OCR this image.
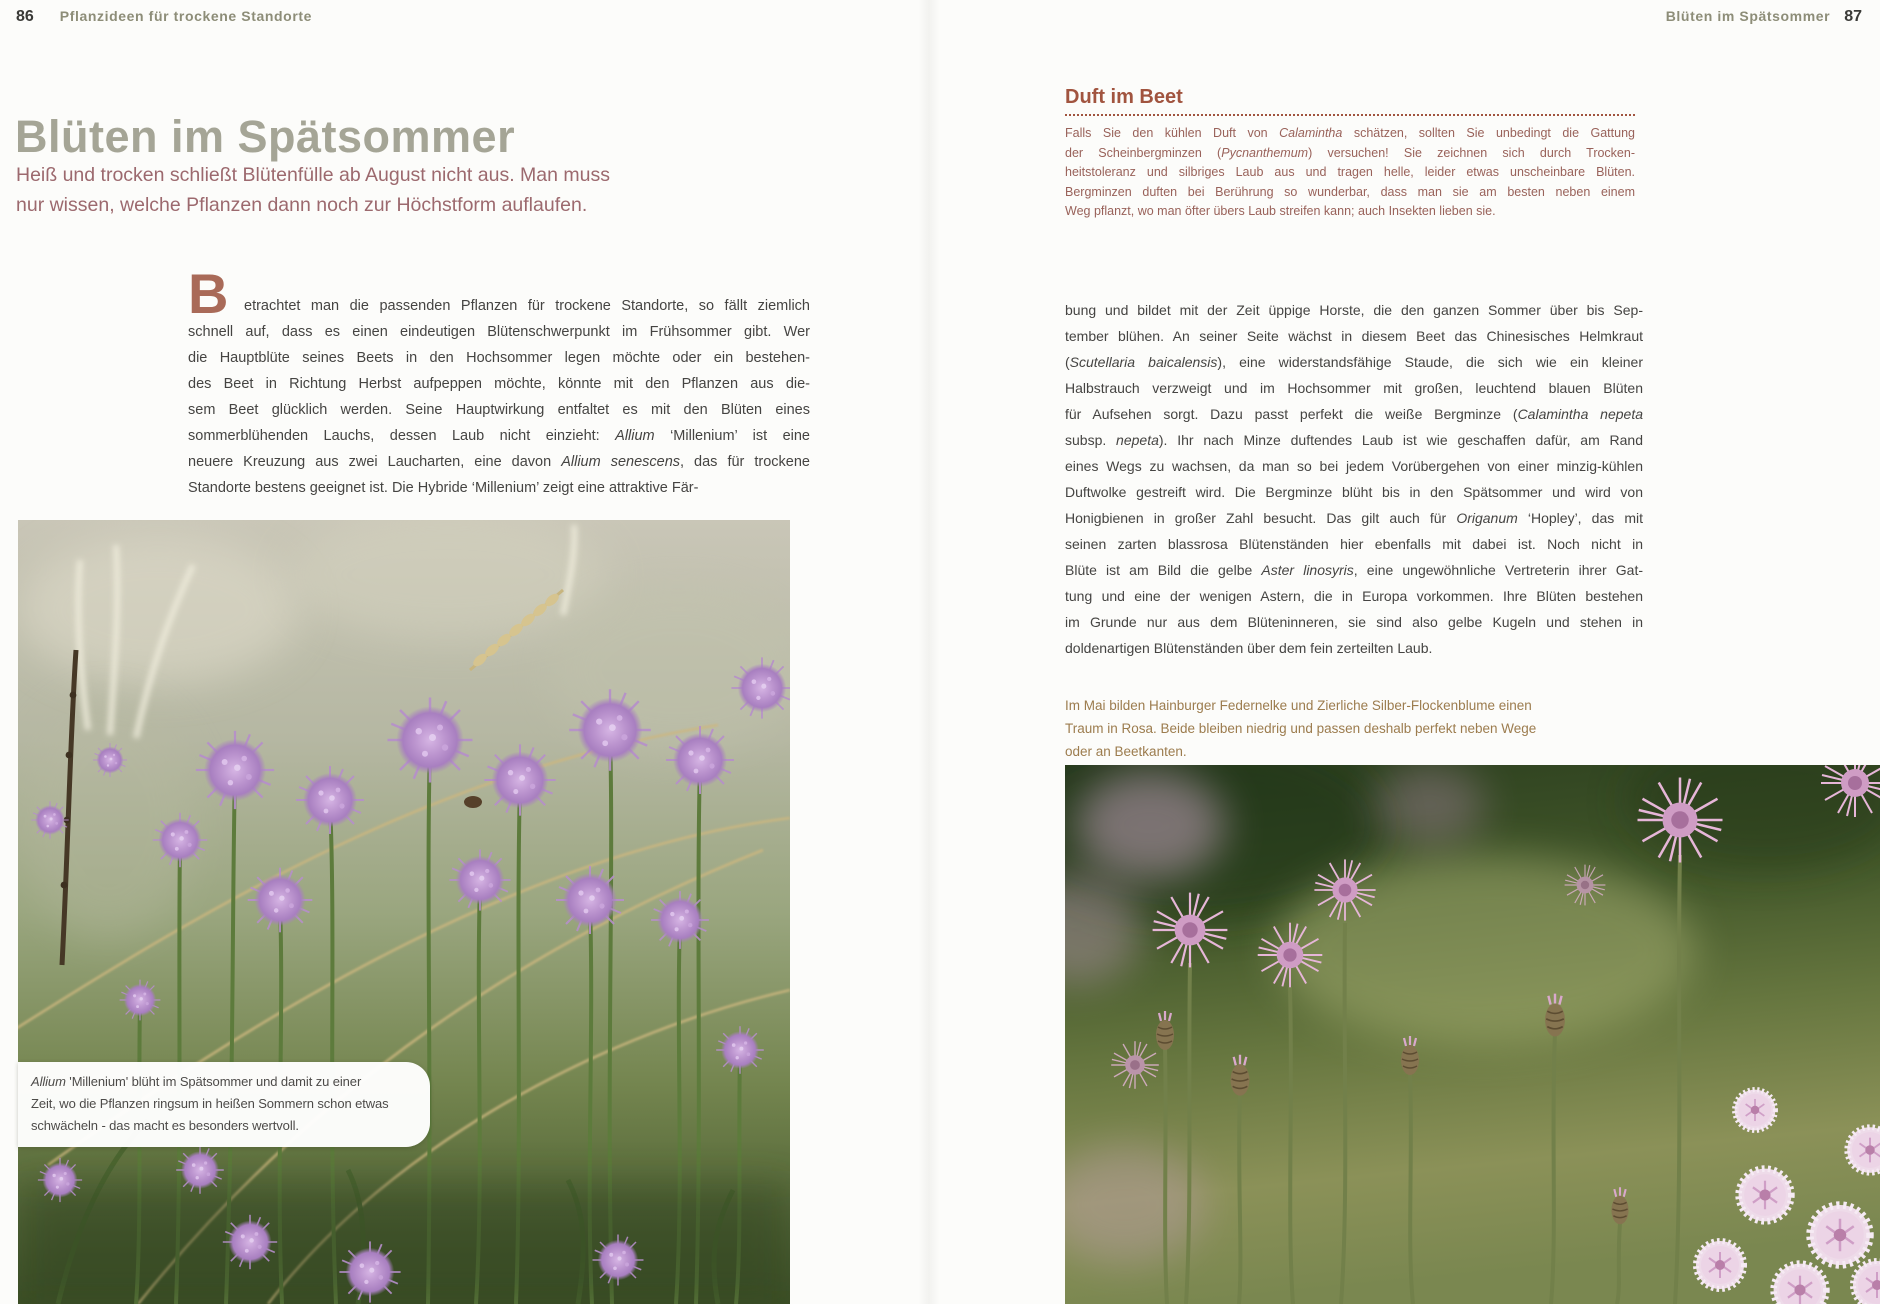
86 Pflanzideen für trockene Standorte	Blüten im Spätsommer 87
Blüten im Spätsommer
Heiß und trocken schließt Blütenfülle ab August nicht aus. Man muss
nur wissen, welche Pflanzen dann noch zur Höchstform auflaufen.
B	etrachtet man die passenden Pflanzen für trockene Standorte, so fällt ziemlich
schnell auf, dass es einen eindeutigen Blütenschwerpunkt im Frühsommer gibt. Wer
die Hauptblüte seines Beets in den Hochsommer legen möchte oder ein bestehen-
des Beet in Richtung Herbst aufpeppen möchte, könnte mit den Pflanzen aus die-
sem Beet glücklich werden. Seine Hauptwirkung entfaltet es mit den Blüten eines
sommerblühenden Lauchs, dessen Laub nicht einzieht: Allium ‘Millenium’ ist eine
neuere Kreuzung aus zwei Laucharten, eine davon Allium senescens, das für trockene
Standorte bestens geeignet ist. Die Hybride ‘Millenium’ zeigt eine attraktive Fär-
Allium 'Millenium' blüht im Spätsommer und damit zu einer
Zeit, wo die Pflanzen ringsum in heißen Sommern schon etwas
schwächeln - das macht es besonders wertvoll.
Duft im Beet
Falls Sie den kühlen Duft von Calamintha schätzen, sollten Sie unbedingt die Gattung
der Scheinbergminzen (Pycnanthemum) versuchen! Sie zeichnen sich durch Trocken-
heitstoleranz und silbriges Laub aus und tragen helle, leider etwas unscheinbare Blüten.
Bergminzen duften bei Berührung so wunderbar, dass man sie am besten neben einem
Weg pflanzt, wo man öfter übers Laub streifen kann; auch Insekten lieben sie.
bung und bildet mit der Zeit üppige Horste, die den ganzen Sommer über bis Sep-
tember blühen. An seiner Seite wächst in diesem Beet das Chinesisches Helmkraut
(Scutellaria baicalensis), eine widerstandsfähige Staude, die sich wie ein kleiner
Halbstrauch verzweigt und im Hochsommer mit großen, leuchtend blauen Blüten
für Aufsehen sorgt. Dazu passt perfekt die weiße Bergminze (Calamintha nepeta
subsp. nepeta). Ihr nach Minze duftendes Laub ist wie geschaffen dafür, am Rand
eines Wegs zu wachsen, da man so bei jedem Vorübergehen von einer minzig-kühlen
Duftwolke gestreift wird. Die Bergminze blüht bis in den Spätsommer und wird von
Honigbienen in großer Zahl besucht. Das gilt auch für Origanum ‘Hopley’, das mit
seinen zarten blassrosa Blütenständen hier ebenfalls mit dabei ist. Noch nicht in
Blüte ist am Bild die gelbe Aster linosyris, eine ungewöhnliche Vertreterin ihrer Gat-
tung und eine der wenigen Astern, die in Europa vorkommen. Ihre Blüten bestehen
im Grunde nur aus dem Blüteninneren, sie sind also gelbe Kugeln und stehen in
doldenartigen Blütenständen über dem fein zerteilten Laub.
Im Mai bilden Hainburger Federnelke und Zierliche Silber-Flockenblume einen
Traum in Rosa. Beide bleiben niedrig und passen deshalb perfekt neben Wege
oder an Beetkanten.
